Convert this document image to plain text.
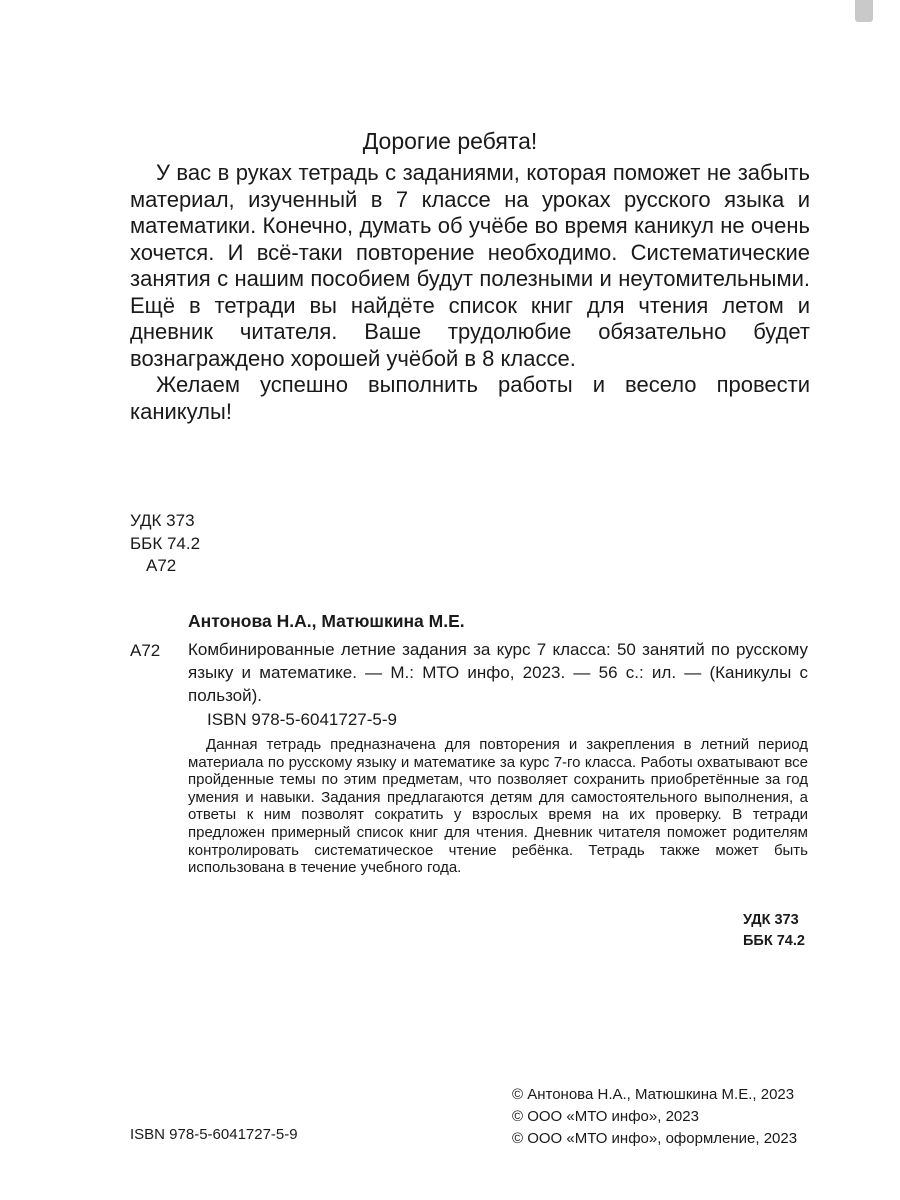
Дорогие ребята!

У вас в руках тетрадь с заданиями, которая поможет не забыть материал, изученный в 7 классе на уроках русского языка и математики. Конечно, думать об учёбе во время каникул не очень хочется. И всё-таки повторение необходимо. Систематические занятия с нашим пособием будут полезными и неутомительными. Ещё в тетради вы найдёте список книг для чтения летом и дневник читателя. Ваше трудолюбие обязательно будет вознаграждено хорошей учёбой в 8 классе.

Желаем успешно выполнить работы и весело провести каникулы!

УДК 373
ББК 74.2
А72
Антонова Н.А., Матюшкина М.Е.
А72 Комбинированные летние задания за курс 7 класса: 50 занятий по русскому языку и математике. — М.: МТО инфо, 2023. — 56 с.: ил. — (Каникулы с пользой).
ISBN 978-5-6041727-5-9
Данная тетрадь предназначена для повторения и закрепления в летний период материала по русскому языку и математике за курс 7-го класса. Работы охватывают все пройденные темы по этим предметам, что позволяет сохранить приобретённые за год умения и навыки. Задания предлагаются детям для самостоятельного выполнения, а ответы к ним позволят сократить у взрослых время на их проверку. В тетради предложен примерный список книг для чтения. Дневник читателя поможет родителям контролировать систематическое чтение ребёнка. Тетрадь также может быть использована в течение учебного года.
УДК 373
ББК 74.2
© Антонова Н.А., Матюшкина М.Е., 2023
© ООО «МТО инфо», 2023
© ООО «МТО инфо», оформление, 2023
ISBN 978-5-6041727-5-9
